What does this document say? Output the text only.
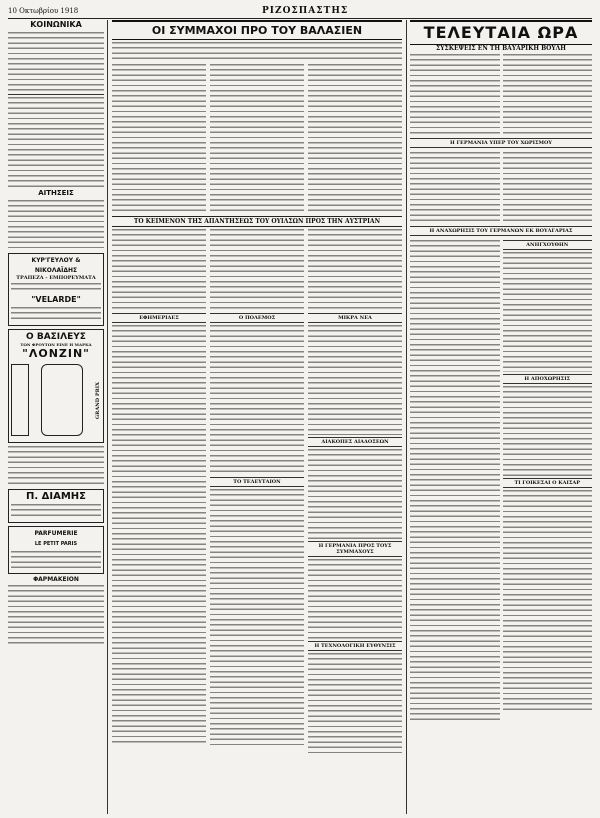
10 Οκτωβρίου 1918	ΡΙΖΟΣΠΑΣΤΗΣ
ΚΟΙΝΩΝΙΚΑ
ΑΙΤΗΣΕΙΣ
ΚΥΡ'ΓΕΥΛΟΥ & ΝΙΚΟΛΑΪΔΗΣ
ΤΡΑΠΕΖΑ - ΕΜΠΟΡΕΥΜΑΤΑ
"VELARDE"
Ο ΒΑΣΙΛΕΥΣ
ΤΩΝ ΦΡΟΥΤΩΝ ΕΙΝΕ Η ΜΑΡΚΑ
"ΛΟΝΖΙΝ"
GRAND PRIX
Π. ΔΙΑΜΗΣ
PARFUMERIE
LE PETIT PARIS
ΦΑΡΜΑΚΕΙΟΝ
ΟΙ ΣΥΜΜΑΧΟΙ ΠΡΟ ΤΟΥ ΒΑΛΑΣΙΕΝ
ΤΟ ΚΕΙΜΕΝΟΝ ΤΗΣ ΑΠΑΝΤΗΣΕΩΣ ΤΟΥ ΟΥΙΛΣΩΝ ΠΡΟΣ ΤΗΝ ΑΥΣΤΡΙΑΝ
ΕΦΗΜΕΡΙΔΕΣ	Ο ΠΟΛΕΜΟΣ
ΤΟ ΤΕΛΕΥΤΑΙΟΝ
ΜΙΚΡΑ ΝΕΑ
ΔΙΑΚΟΠΕΣ ΔΙΑΔΟΣΕΩΝ
Η ΓΕΡΜΑΝΙΑ ΠΡΟΣ ΤΟΥΣ ΣΥΜΜΑΧΟΥΣ
Η ΤΕΧΝΟΛΟΓΙΚΗ ΕΥΘΥΝΣΙΣ
ΤΕΛΕΥΤΑΙΑ ΩΡΑ
ΣΥΣΚΕΨΕΙΣ ΕΝ ΤΗ ΒΑΥΑΡΙΚΗ ΒΟΥΛΗ
Η ΓΕΡΜΑΝΙΑ ΥΠΕΡ ΤΟΥ ΧΩΡΙΣΜΟΥ
Η ΑΝΑΧΩΡΗΣΙΣ ΤΟΥ ΓΕΡΜΑΝΩΝ ΕΚ ΒΟΥΛΓΑΡΙΑΣ
ΑΝΗΓΧΟΥΘΗΝ
Η ΑΠΟΧΩΡΗΣΙΣ
ΤΙ ΓΟΙΚΕΣΑΙ Ο ΚΑΙΣΑΡ
